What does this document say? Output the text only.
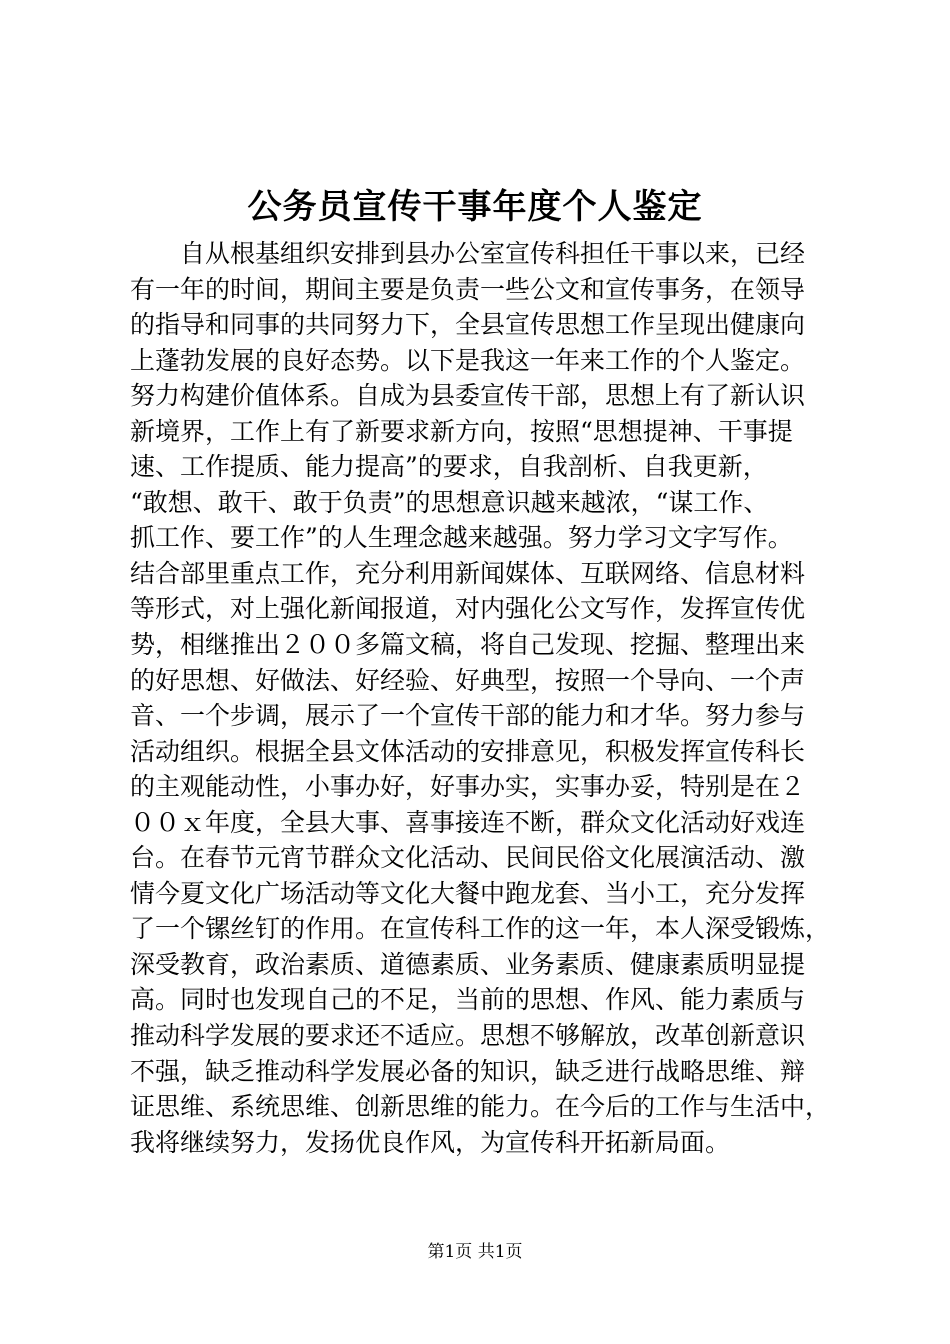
公务员宣传干事年度个人鉴定
自从根基组织安排到县办公室宣传科担任干事以来，已经
有一年的时间，期间主要是负责一些公文和宣传事务，在领导
的指导和同事的共同努力下，全县宣传思想工作呈现出健康向
上蓬勃发展的良好态势。以下是我这一年来工作的个人鉴定。
努力构建价值体系。自成为县委宣传干部，思想上有了新认识
新境界，工作上有了新要求新方向，按照“思想提神、干事提
速、工作提质、能力提高”的要求，自我剖析、自我更新，
“敢想、敢干、敢于负责”的思想意识越来越浓，“谋工作、
抓工作、要工作”的人生理念越来越强。努力学习文字写作。
结合部里重点工作，充分利用新闻媒体、互联网络、信息材料
等形式，对上强化新闻报道，对内强化公文写作，发挥宣传优
势，相继推出２００多篇文稿，将自己发现、挖掘、整理出来
的好思想、好做法、好经验、好典型，按照一个导向、一个声
音、一个步调，展示了一个宣传干部的能力和才华。努力参与
活动组织。根据全县文体活动的安排意见，积极发挥宣传科长
的主观能动性，小事办好，好事办实，实事办妥，特别是在２
００ｘ年度，全县大事、喜事接连不断，群众文化活动好戏连
台。在春节元宵节群众文化活动、民间民俗文化展演活动、激
情今夏文化广场活动等文化大餐中跑龙套、当小工，充分发挥
了一个镙丝钉的作用。在宣传科工作的这一年，本人深受锻炼，
深受教育，政治素质、道德素质、业务素质、健康素质明显提
高。同时也发现自己的不足，当前的思想、作风、能力素质与
推动科学发展的要求还不适应。思想不够解放，改革创新意识
不强，缺乏推动科学发展必备的知识，缺乏进行战略思维、辩
证思维、系统思维、创新思维的能力。在今后的工作与生活中，
我将继续努力，发扬优良作风，为宣传科开拓新局面。
第1页 共1页
